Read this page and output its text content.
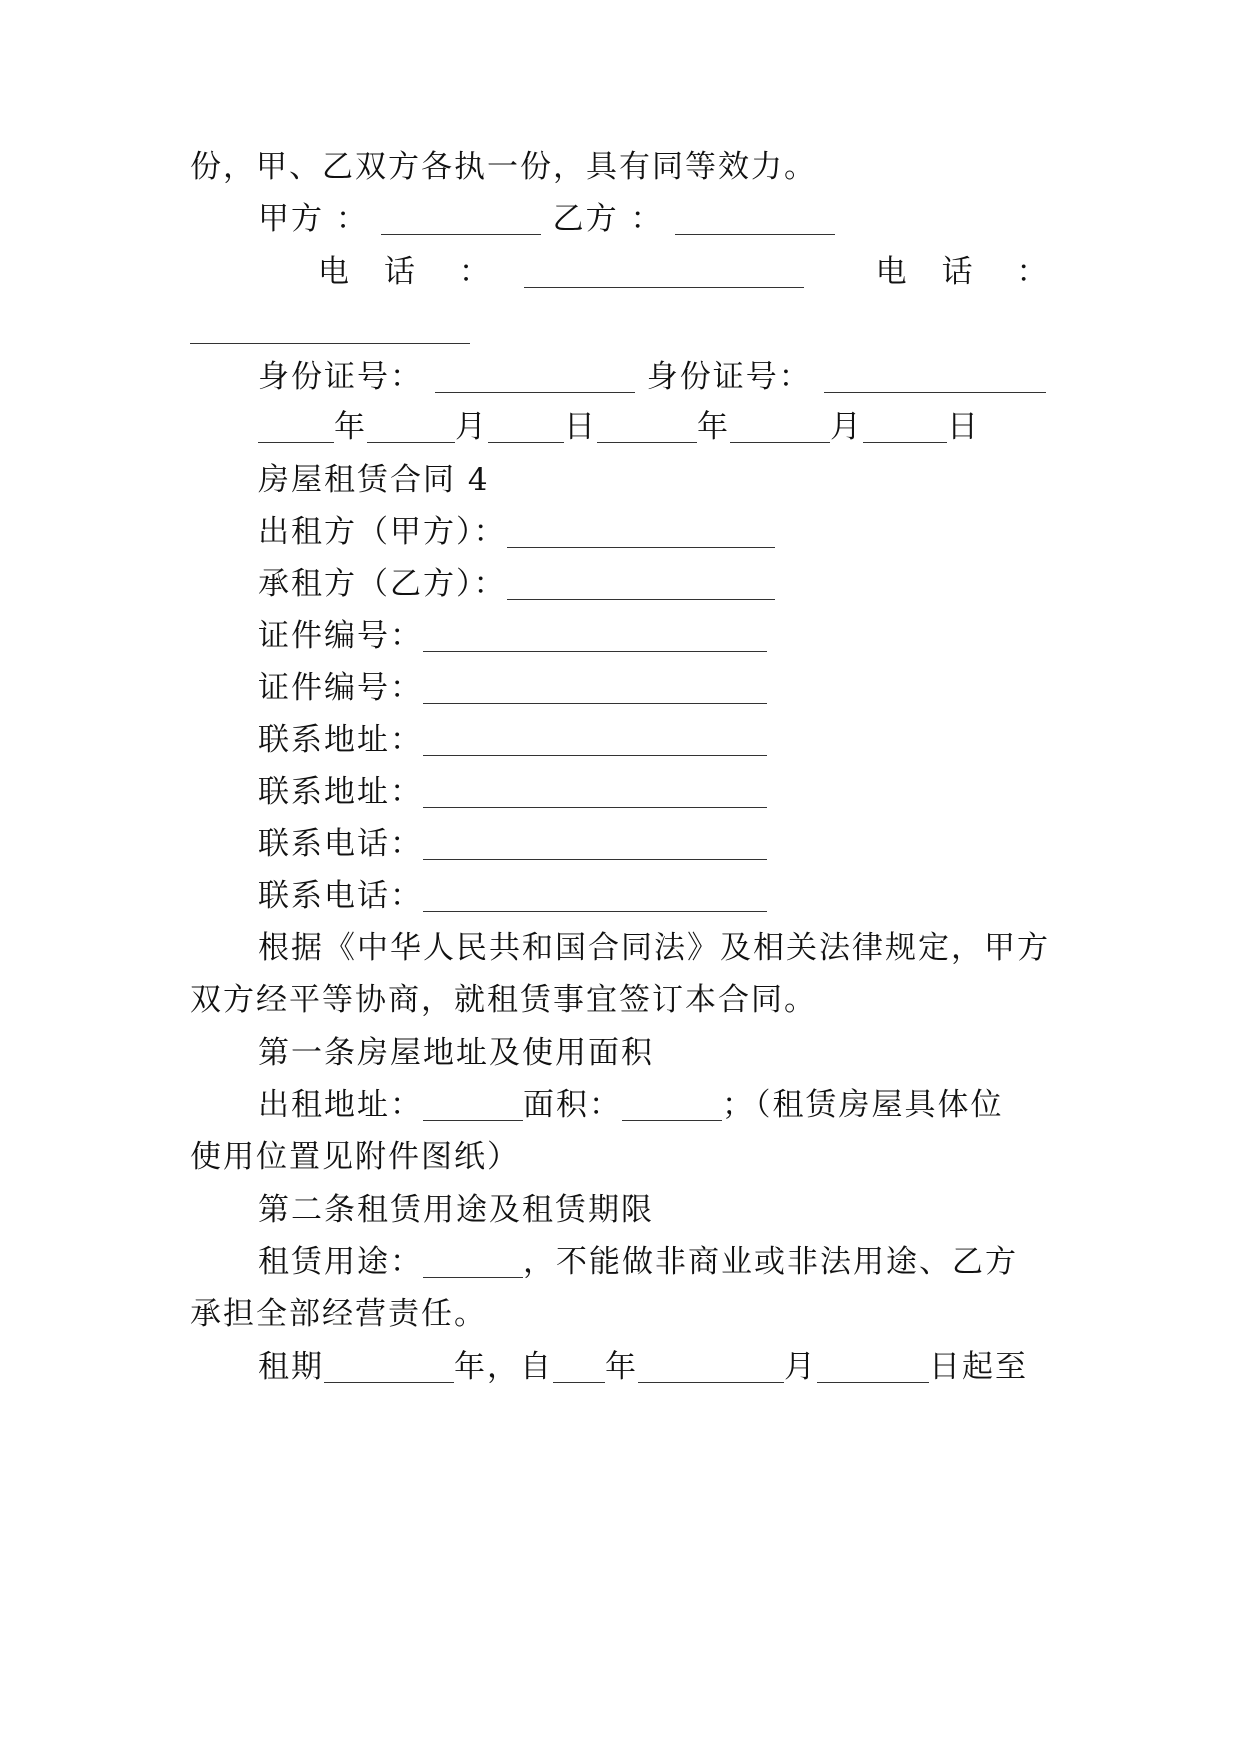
份，甲、乙双方各执一份，具有同等效力。
甲方 ：	乙方 ：
电　话 ：	电　话 ：
身份证号：	身份证号：
年	月 日	年	月	日
房屋租赁合同 4
出租方（甲方）：
承租方（乙方）：
证件编号：
证件编号：
联系地址：
联系地址：
联系电话：
联系电话：
根据《中华人民共和国合同法》及相关法律规定，甲方
双方经平等协商，就租赁事宜签订本合同。
第一条房屋地址及使用面积
出租地址：	面积：	；（租赁房屋具体位
使用位置见附件图纸）
第二条租赁用途及租赁期限
租赁用途：	，不能做非商业或非法用途、乙方
承担全部经营责任。
租期	年，自 年	月	日起至
